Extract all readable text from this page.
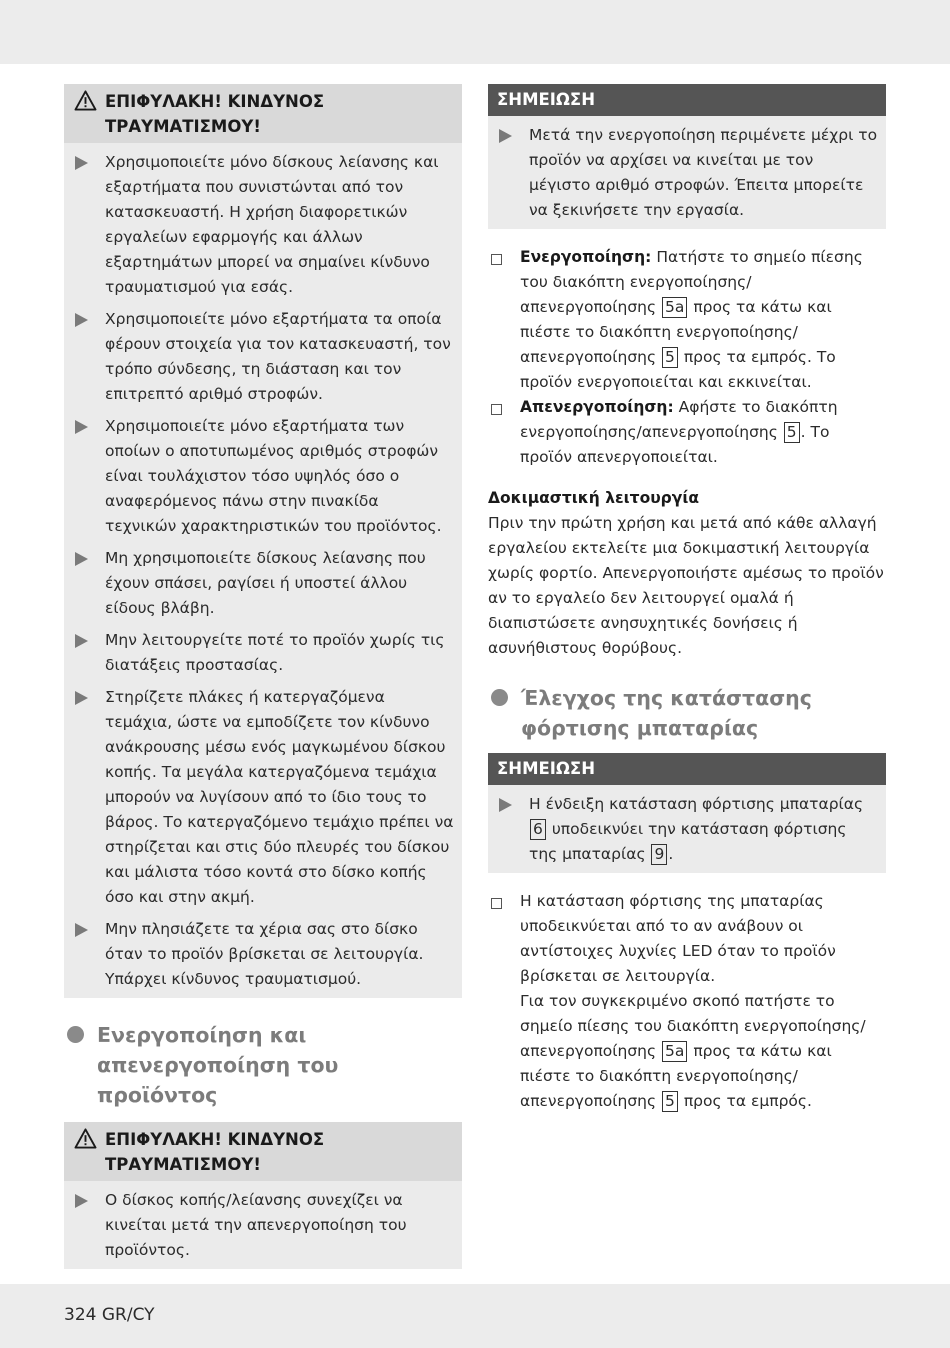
ΕΠΙΦΥΛΑΚΗ! ΚΙΝΔΥΝΟΣ ΤΡΑΥΜΑΤΙΣΜΟΥ!
Χρησιμοποιείτε μόνο δίσκους λείανσης και εξαρτήματα που συνιστώνται από τον κατασκευαστή. Η χρήση διαφορετικών εργαλείων εφαρμογής και άλλων εξαρτημάτων μπορεί να σημαίνει κίνδυνο τραυματισμού για εσάς.
Χρησιμοποιείτε μόνο εξαρτήματα τα οποία φέρουν στοιχεία για τον κατασκευαστή, τον τρόπο σύνδεσης, τη διάσταση και τον επιτρεπτό αριθμό στροφών.
Χρησιμοποιείτε μόνο εξαρτήματα των οποίων ο αποτυπωμένος αριθμός στροφών είναι τουλάχιστον τόσο υψηλός όσο ο αναφερόμενος πάνω στην πινακίδα τεχνικών χαρακτηριστικών του προϊόντος.
Μη χρησιμοποιείτε δίσκους λείανσης που έχουν σπάσει, ραγίσει ή υποστεί άλλου είδους βλάβη.
Μην λειτουργείτε ποτέ το προϊόν χωρίς τις διατάξεις προστασίας.
Στηρίζετε πλάκες ή κατεργαζόμενα τεμάχια, ώστε να εμποδίζετε τον κίνδυνο ανάκρουσης μέσω ενός μαγκωμένου δίσκου κοπής. Τα μεγάλα κατεργαζόμενα τεμάχια μπορούν να λυγίσουν από το ίδιο τους το βάρος. Το κατεργαζόμενο τεμάχιο πρέπει να στηρίζεται και στις δύο πλευρές του δίσκου και μάλιστα τόσο κοντά στο δίσκο κοπής όσο και στην ακμή.
Μην πλησιάζετε τα χέρια σας στο δίσκο όταν το προϊόν βρίσκεται σε λειτουργία. Υπάρχει κίνδυνος τραυματισμού.
Ενεργοποίηση και απενεργοποίηση του προϊόντος
ΕΠΙΦΥΛΑΚΗ! ΚΙΝΔΥΝΟΣ ΤΡΑΥΜΑΤΙΣΜΟΥ!
Ο δίσκος κοπής/λείανσης συνεχίζει να κινείται μετά την απενεργοποίηση του προϊόντος.
ΣΗΜΕΙΩΣΗ
Μετά την ενεργοποίηση περιμένετε μέχρι το προϊόν να αρχίσει να κινείται με τον μέγιστο αριθμό στροφών. Έπειτα μπορείτε να ξεκινήσετε την εργασία.
Ενεργοποίηση: Πατήστε το σημείο πίεσης του διακόπτη ενεργοποίησης/ απενεργοποίησης 5a προς τα κάτω και πιέστε το διακόπτη ενεργοποίησης/ απενεργοποίησης 5 προς τα εμπρός. Το προϊόν ενεργοποιείται και εκκινείται.
Απενεργοποίηση: Αφήστε το διακόπτη ενεργοποίησης/απενεργοποίησης 5 . Το προϊόν απενεργοποιείται.
Δοκιμαστική λειτουργία
Πριν την πρώτη χρήση και μετά από κάθε αλλαγή εργαλείου εκτελείτε μια δοκιμαστική λειτουργία χωρίς φορτίο. Απενεργοποιήστε αμέσως το προϊόν αν το εργαλείο δεν λειτουργεί ομαλά ή διαπιστώσετε ανησυχητικές δονήσεις ή ασυνήθιστους θορύβους.
Έλεγχος της κατάστασης φόρτισης μπαταρίας
ΣΗΜΕΙΩΣΗ
Η ένδειξη κατάσταση φόρτισης μπαταρίας 6 υποδεικνύει την κατάσταση φόρτισης της μπαταρίας 9 .
Η κατάσταση φόρτισης της μπαταρίας υποδεικνύεται από το αν ανάβουν οι αντίστοιχες λυχνίες LED όταν το προϊόν βρίσκεται σε λειτουργία.
Για τον συγκεκριμένο σκοπό πατήστε το σημείο πίεσης του διακόπτη ενεργοποίησης/ απενεργοποίησης 5a προς τα κάτω και πιέστε το διακόπτη ενεργοποίησης/ απενεργοποίησης 5 προς τα εμπρός.
324 GR/CY
